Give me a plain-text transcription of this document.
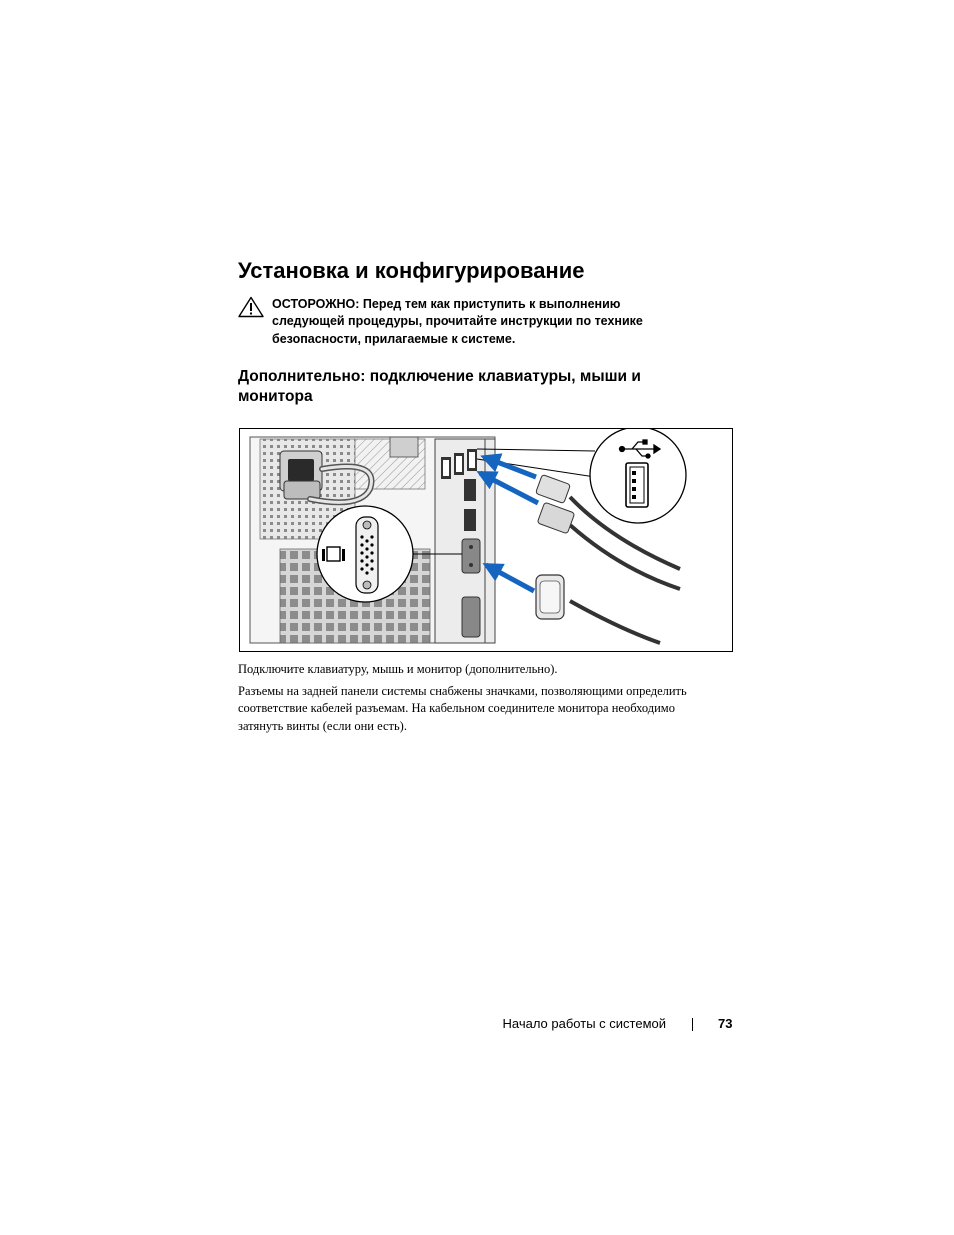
Установка и конфигурирование
ОСТОРОЖНО: Перед тем как приступить к выполнению
следующей процедуры, прочитайте инструкции по технике
безопасности, прилагаемые к системе.
Дополнительно: подключение клавиатуры, мыши и
монитора
Подключите клавиатуру, мышь и монитор (дополнительно).
Разъемы на задней панели системы снабжены значками, позволяющими определить
соответствие кабелей разъемам. На кабельном соединителе монитора необходимо
затянуть винты (если они есть).
Начало работы с системой	73
